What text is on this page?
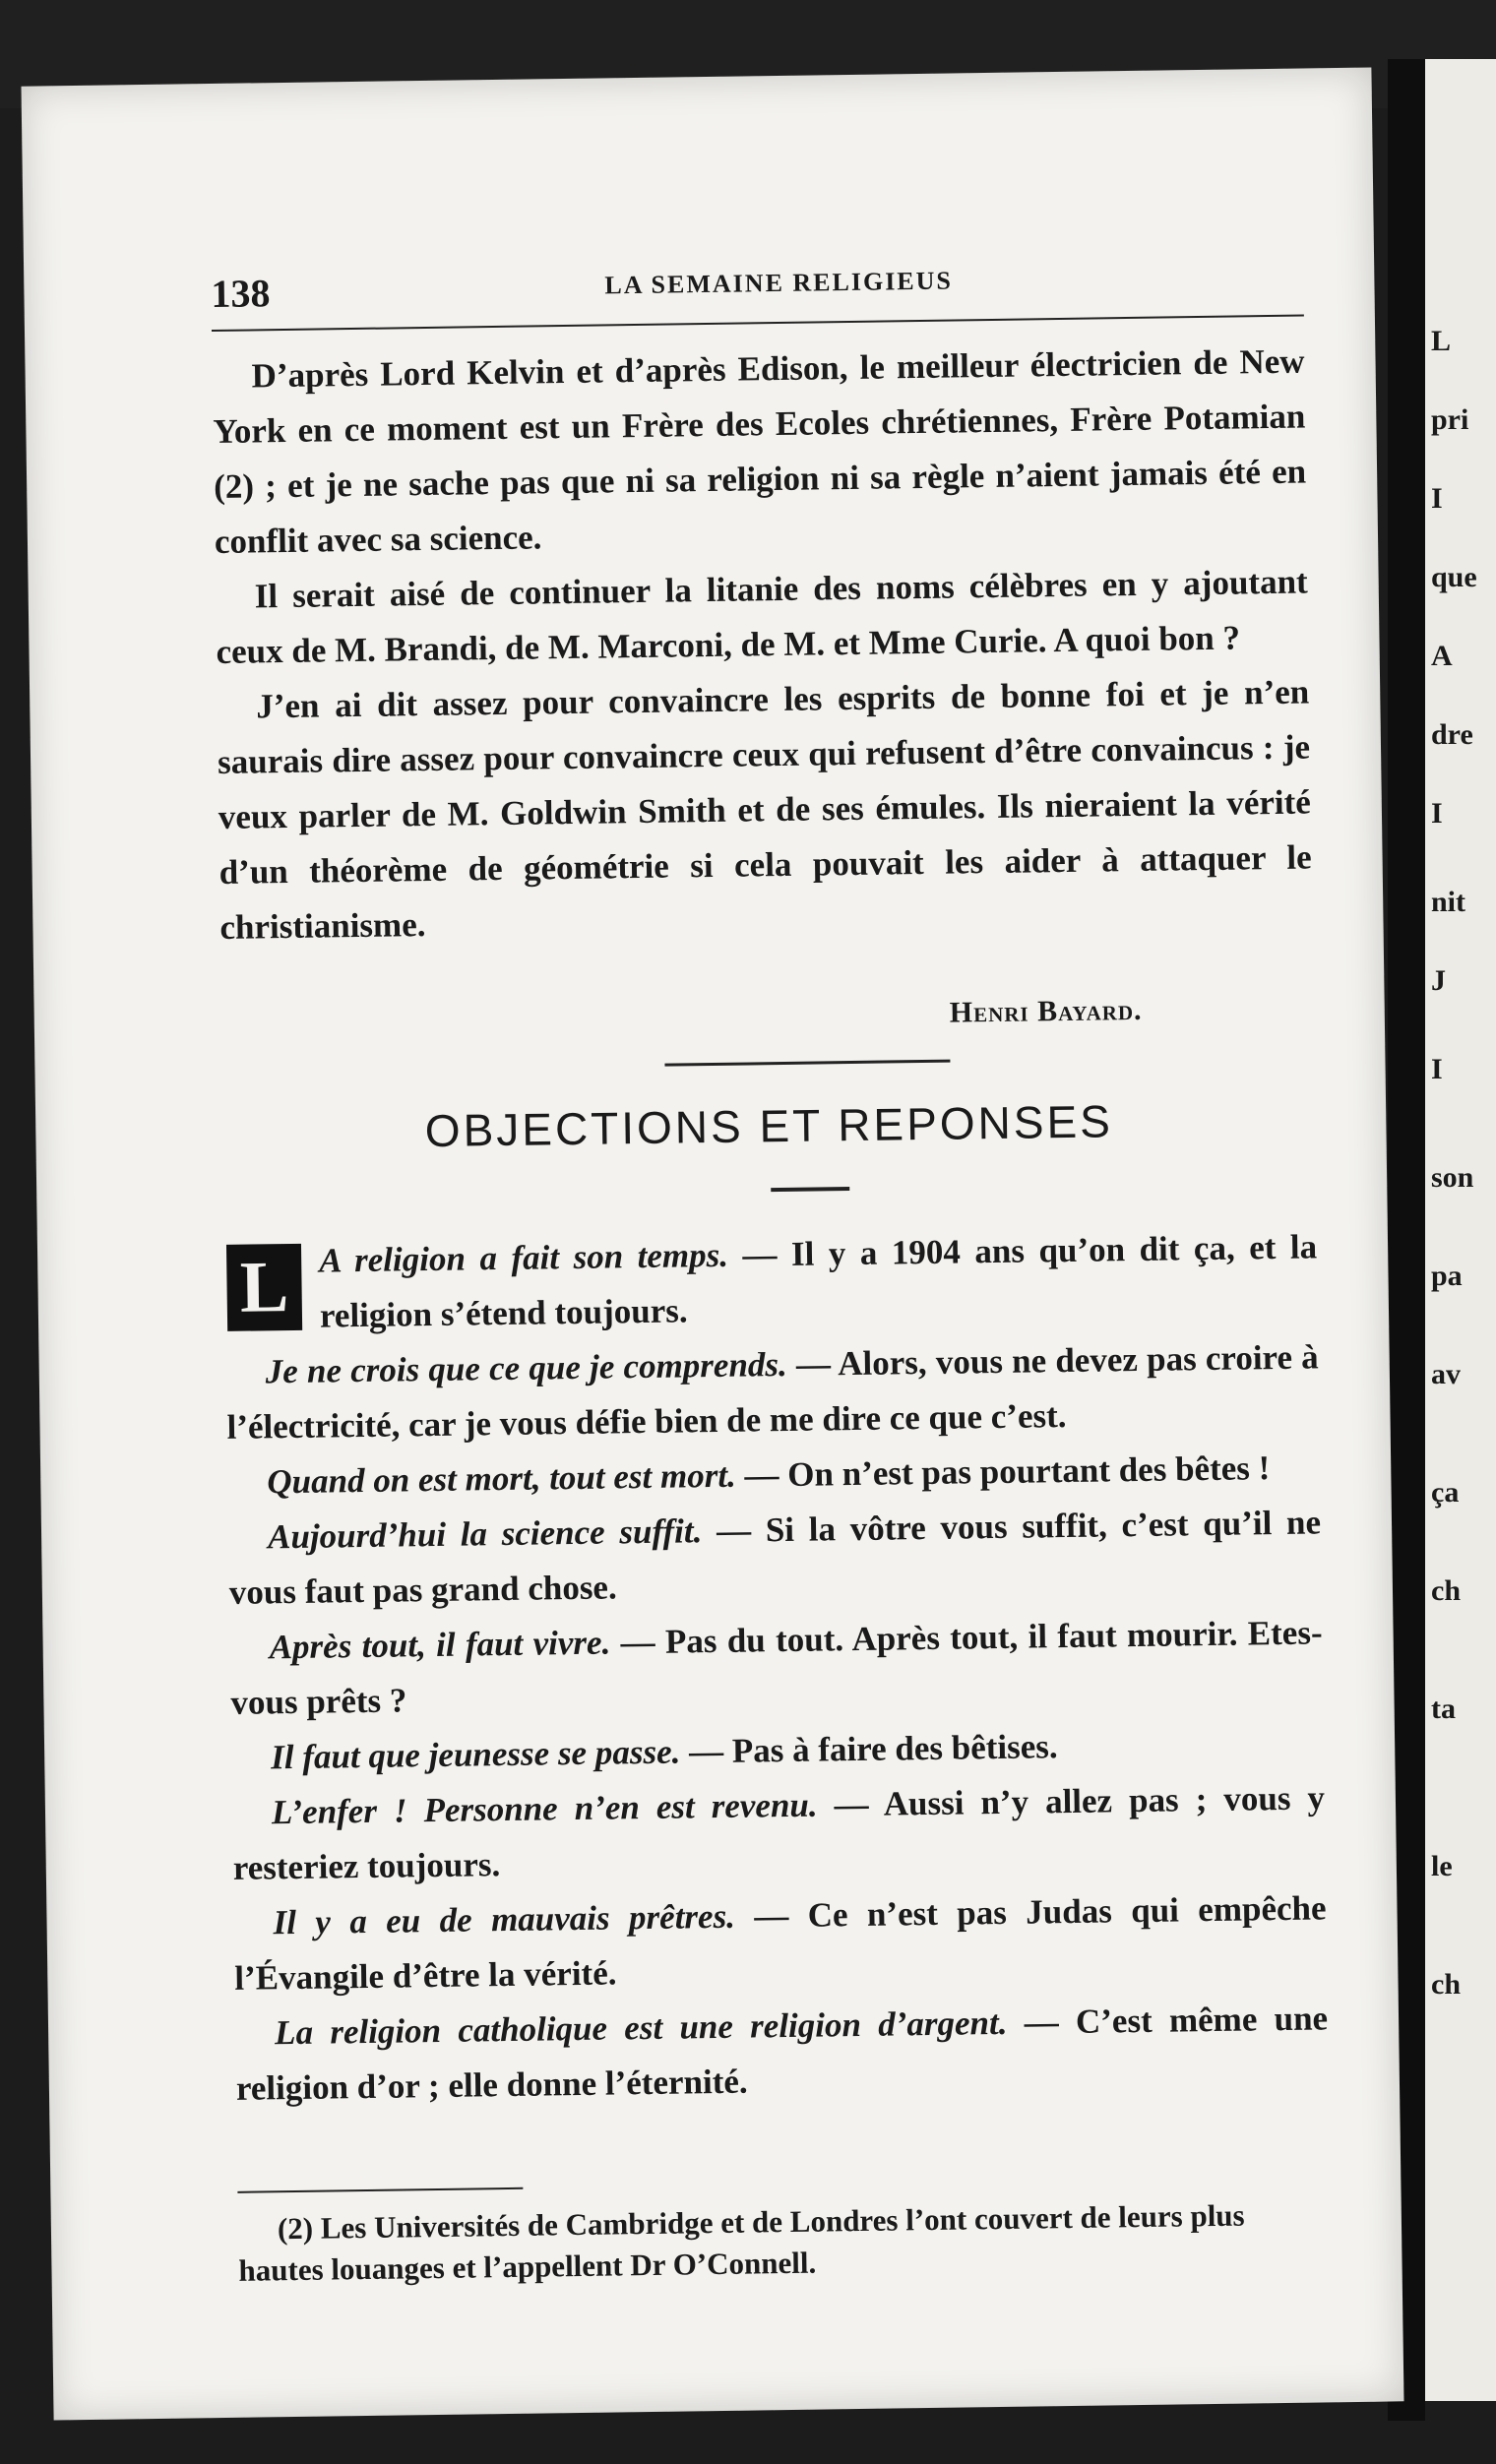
L
pri
I
que
A
dre
I
nit
J
I
son
pa
av
ça
ch
ta
le
ch
138	LA SEMAINE RELIGIEUS

D’après Lord Kelvin et d’après Edison, le meilleur électricien de New York en ce moment est un Frère des Ecoles chrétiennes, Frère Potamian (2) ; et je ne sache pas que ni sa religion ni sa règle n’aient jamais été en conflit avec sa science.

Il serait aisé de continuer la litanie des noms célèbres en y ajoutant ceux de M. Brandi, de M. Marconi, de M. et Mme Curie. A quoi bon ?

J’en ai dit assez pour convaincre les esprits de bonne foi et je n’en saurais dire assez pour convaincre ceux qui refusent d’être convaincus : je veux parler de M. Goldwin Smith et de ses émules. Ils nieraient la vérité d’un théorème de géométrie si cela pouvait les aider à attaquer le christianisme.

Henri Bayard.
OBJECTIONS ET REPONSES
L A religion a fait son temps. — Il y a 1904 ans qu’on dit ça, et la religion s’étend toujours.

Je ne crois que ce que je comprends. — Alors, vous ne devez pas croire à l’électricité, car je vous défie bien de me dire ce que c’est.

Quand on est mort, tout est mort. — On n’est pas pourtant des bêtes !

Aujourd’hui la science suffit. — Si la vôtre vous suffit, c’est qu’il ne vous faut pas grand chose.

Après tout, il faut vivre. — Pas du tout. Après tout, il faut mourir. Etes-vous prêts ?

Il faut que jeunesse se passe. — Pas à faire des bêtises.

L’enfer ! Personne n’en est revenu. — Aussi n’y allez pas ; vous y resteriez toujours.

Il y a eu de mauvais prêtres. — Ce n’est pas Judas qui empêche l’Évangile d’être la vérité.

La religion catholique est une religion d’argent. — C’est même une religion d’or ; elle donne l’éternité.

(2) Les Universités de Cambridge et de Londres l’ont couvert de leurs plus hautes louanges et l’appellent Dr O’Connell.
